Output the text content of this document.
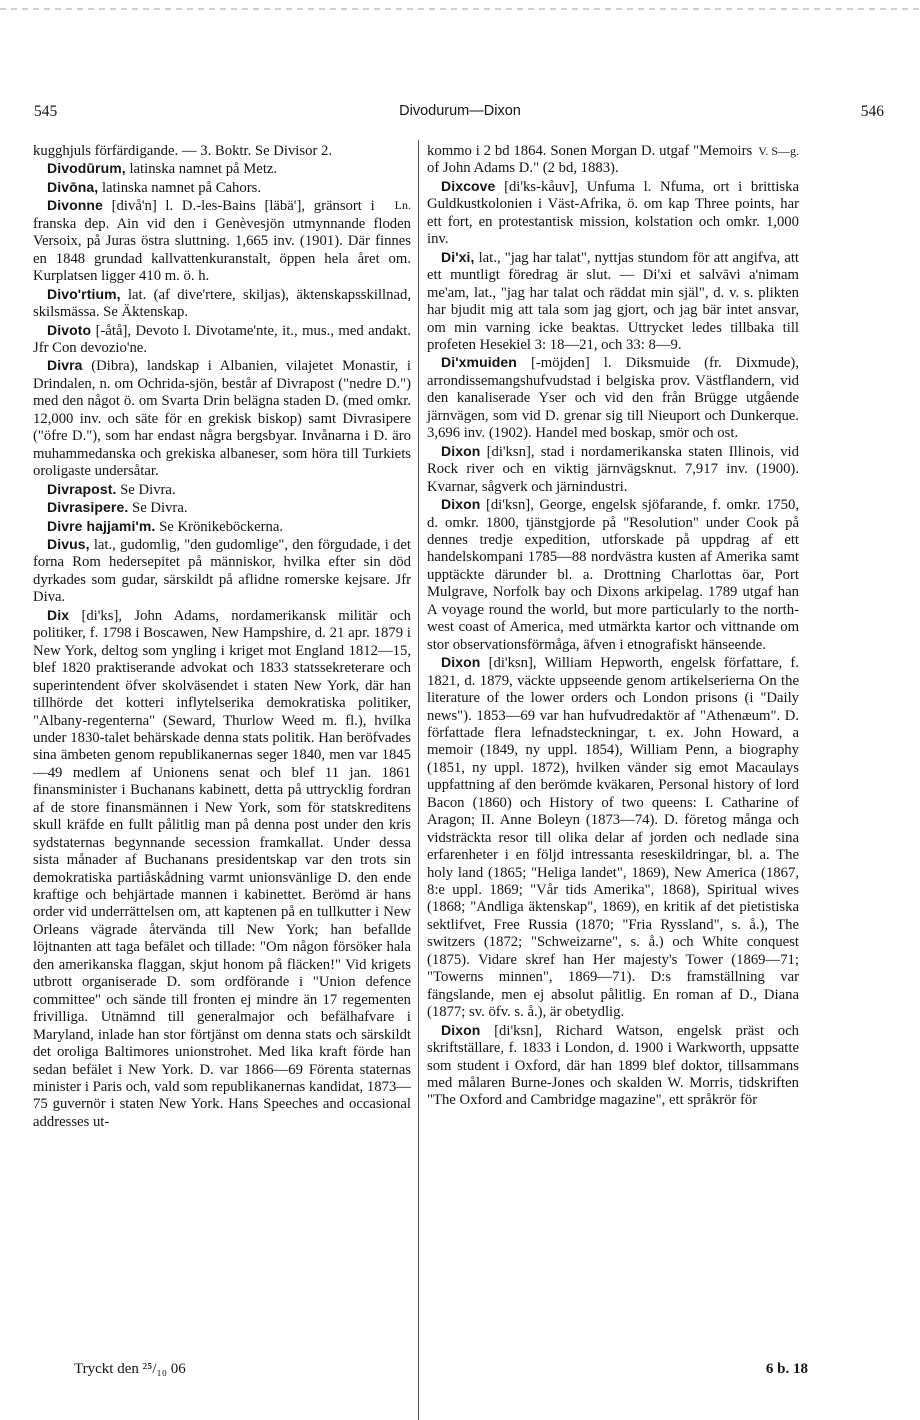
545	Divodurum—Dixon	546

kugghjuls förfärdigande. — 3. Boktr. Se Divisor 2.

Divodūrum, latinska namnet på Metz.

Divōna, latinska namnet på Cahors.

Ln.
Divonne [divå'n] l. D.-les-Bains [läbä'], gränsort i franska dep. Ain vid den i Genèvesjön utmynnande floden Versoix, på Juras östra sluttning. 1,665 inv. (1901). Där finnes en 1848 grundad kallvattenkuranstalt, öppen hela året om. Kurplatsen ligger 410 m. ö. h.

Divo'rtium, lat. (af dive'rtere, skiljas), äktenskapsskillnad, skilsmässa. Se Äktenskap.

Divoto [-åtå], Devoto l. Divotame'nte, it., mus., med andakt. Jfr Con devozio'ne.

Divra (Dibra), landskap i Albanien, vilajetet Monastir, i Drindalen, n. om Ochrida-sjön, består af Divrapost ("nedre D.") med den något ö. om Svarta Drin belägna staden D. (med omkr. 12,000 inv. och säte för en grekisk biskop) samt Divrasipere ("öfre D."), som har endast några bergsbyar. Invånarna i D. äro muhammedanska och grekiska albaneser, som höra till Turkiets oroligaste undersåtar.

Divrapost. Se Divra.

Divrasipere. Se Divra.

Divre hajjami'm. Se Krönikeböckerna.

Divus, lat., gudomlig, "den gudomlige", den förgudade, i det forna Rom hedersepitet på människor, hvilka efter sin död dyrkades som gudar, särskildt på aflidne romerske kejsare. Jfr Diva.

Dix [di'ks], John Adams, nordamerikansk militär och politiker, f. 1798 i Boscawen, New Hampshire, d. 21 apr. 1879 i New York, deltog som yngling i kriget mot England 1812—15, blef 1820 praktiserande advokat och 1833 statssekreterare och superintendent öfver skolväsendet i staten New York, där han tillhörde det kotteri inflytelserika demokratiska politiker, "Albany-regenterna" (Seward, Thurlow Weed m. fl.), hvilka under 1830-talet behärskade denna stats politik. Han beröfvades sina ämbeten genom republikanernas seger 1840, men var 1845—49 medlem af Unionens senat och blef 11 jan. 1861 finansminister i Buchanans kabinett, detta på uttrycklig fordran af de store finansmännen i New York, som för statskreditens skull kräfde en fullt pålitlig man på denna post under den kris sydstaternas begynnande secession framkallat. Under dessa sista månader af Buchanans presidentskap var den trots sin demokratiska partiåskådning varmt unionsvänlige D. den ende kraftige och behjärtade mannen i kabinettet. Berömd är hans order vid underrättelsen om, att kaptenen på en tullkutter i New Orleans vägrade återvända till New York; han befallde löjtnanten att taga befälet och tillade: "Om någon försöker hala den amerikanska flaggan, skjut honom på fläcken!" Vid krigets utbrott organiserade D. som ordförande i "Union defence committee" och sände till fronten ej mindre än 17 regementen frivilliga. Utnämnd till generalmajor och befälhafvare i Maryland, inlade han stor förtjänst om denna stats och särskildt det oroliga Baltimores unionstrohet. Med lika kraft förde han sedan befälet i New York. D. var 1866—69 Förenta staternas minister i Paris och, vald som republikanernas kandidat, 1873—75 guvernör i staten New York. Hans Speeches and occasional addresses ut-

V. S—g.
kommo i 2 bd 1864. Sonen Morgan D. utgaf "Memoirs of John Adams D." (2 bd, 1883).

Dixcove [di'ks-kåuv], Unfuma l. Nfuma, ort i brittiska Guldkustkolonien i Väst-Afrika, ö. om kap Three points, har ett fort, en protestantisk mission, kolstation och omkr. 1,000 inv.

Di'xi, lat., "jag har talat", nyttjas stundom för att angifva, att ett muntligt föredrag är slut. — Di'xi et salvāvi a'nimam me'am, lat., "jag har talat och räddat min själ", d. v. s. plikten har bjudit mig att tala som jag gjort, och jag bär intet ansvar, om min varning icke beaktas. Uttrycket ledes tillbaka till profeten Hesekiel 3: 18—21, och 33: 8—9.

Di'xmuiden [-möjden] l. Diksmuide (fr. Dixmude), arrondissemangshufvudstad i belgiska prov. Västflandern, vid den kanaliserade Yser och vid den från Brügge utgående järnvägen, som vid D. grenar sig till Nieuport och Dunkerque. 3,696 inv. (1902). Handel med boskap, smör och ost.

Dixon [di'ksn], stad i nordamerikanska staten Illinois, vid Rock river och en viktig järnvägsknut. 7,917 inv. (1900). Kvarnar, sågverk och järnindustri.

Dixon [di'ksn], George, engelsk sjöfarande, f. omkr. 1750, d. omkr. 1800, tjänstgjorde på "Resolution" under Cook på dennes tredje expedition, utforskade på uppdrag af ett handelskompani 1785—88 nordvästra kusten af Amerika samt upptäckte därunder bl. a. Drottning Charlottas öar, Port Mulgrave, Norfolk bay och Dixons arkipelag. 1789 utgaf han A voyage round the world, but more particularly to the north-west coast of America, med utmärkta kartor och vittnande om stor observationsförmåga, äfven i etnografiskt hänseende.

Dixon [di'ksn], William Hepworth, engelsk författare, f. 1821, d. 1879, väckte uppseende genom artikelserierna On the literature of the lower orders och London prisons (i "Daily news"). 1853—69 var han hufvudredaktör af "Athenæum". D. författade flera lefnadsteckningar, t. ex. John Howard, a memoir (1849, ny uppl. 1854), William Penn, a biography (1851, ny uppl. 1872), hvilken vänder sig emot Macaulays uppfattning af den berömde kväkaren, Personal history of lord Bacon (1860) och History of two queens: I. Catharine of Aragon; II. Anne Boleyn (1873—74). D. företog många och vidsträckta resor till olika delar af jorden och nedlade sina erfarenheter i en följd intressanta reseskildringar, bl. a. The holy land (1865; "Heliga landet", 1869), New America (1867, 8:e uppl. 1869; "Vår tids Amerika", 1868), Spiritual wives (1868; "Andliga äktenskap", 1869), en kritik af det pietistiska sektlifvet, Free Russia (1870; "Fria Ryssland", s. å.), The switzers (1872; "Schweizarne", s. å.) och White conquest (1875). Vidare skref han Her majesty's Tower (1869—71; "Towerns minnen", 1869—71). D:s framställning var fängslande, men ej absolut pålitlig. En roman af D., Diana (1877; sv. öfv. s. å.), är obetydlig.

Dixon [di'ksn], Richard Watson, engelsk präst och skriftställare, f. 1833 i London, d. 1900 i Warkworth, uppsatte som student i Oxford, där han 1899 blef doktor, tillsammans med målaren Burne-Jones och skalden W. Morris, tidskriften "The Oxford and Cambridge magazine", ett språkrör för

Tryckt den ²⁵/₁₀ 06	6 b. 18
